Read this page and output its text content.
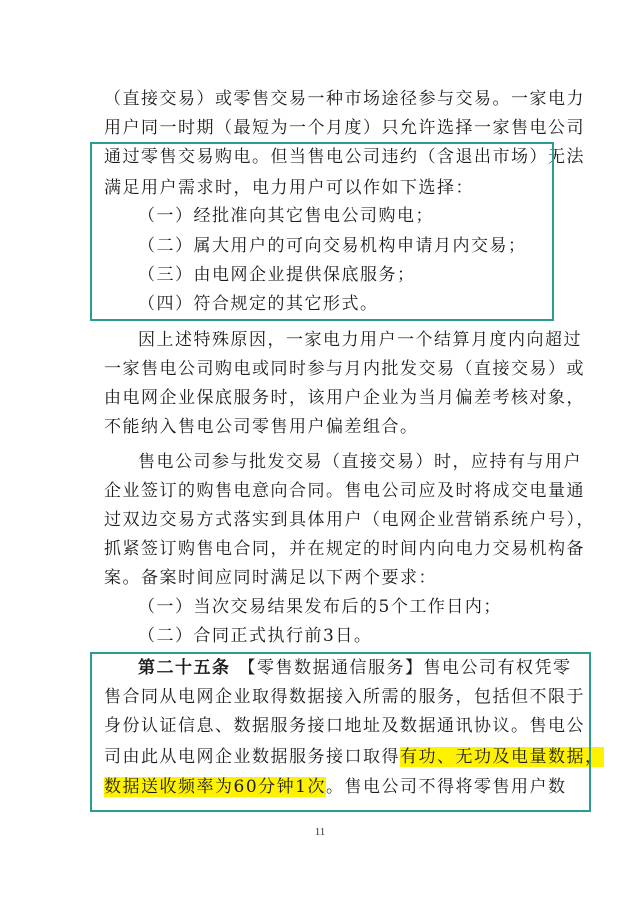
（直接交易）或零售交易一种市场途径参与交易。一家电力
用户同一时期（最短为一个月度）只允许选择一家售电公司
通过零售交易购电。但当售电公司违约（含退出市场）无法
满足用户需求时，电力用户可以作如下选择：
（一）经批准向其它售电公司购电；
（二）属大用户的可向交易机构申请月内交易；
（三）由电网企业提供保底服务；
（四）符合规定的其它形式。
因上述特殊原因，一家电力用户一个结算月度内向超过
一家售电公司购电或同时参与月内批发交易（直接交易）或
由电网企业保底服务时，该用户企业为当月偏差考核对象，
不能纳入售电公司零售用户偏差组合。
售电公司参与批发交易（直接交易）时，应持有与用户
企业签订的购售电意向合同。售电公司应及时将成交电量通
过双边交易方式落实到具体用户（电网企业营销系统户号），
抓紧签订购售电合同，并在规定的时间内向电力交易机构备
案。备案时间应同时满足以下两个要求：
（一）当次交易结果发布后的5个工作日内；
（二）合同正式执行前3日。
第二十五条 【零售数据通信服务】售电公司有权凭零
售合同从电网企业取得数据接入所需的服务，包括但不限于
身份认证信息、数据服务接口地址及数据通讯协议。售电公
司由此从电网企业数据服务接口取得有功、无功及电量数据，
数据送收频率为60分钟1次。售电公司不得将零售用户数
11
